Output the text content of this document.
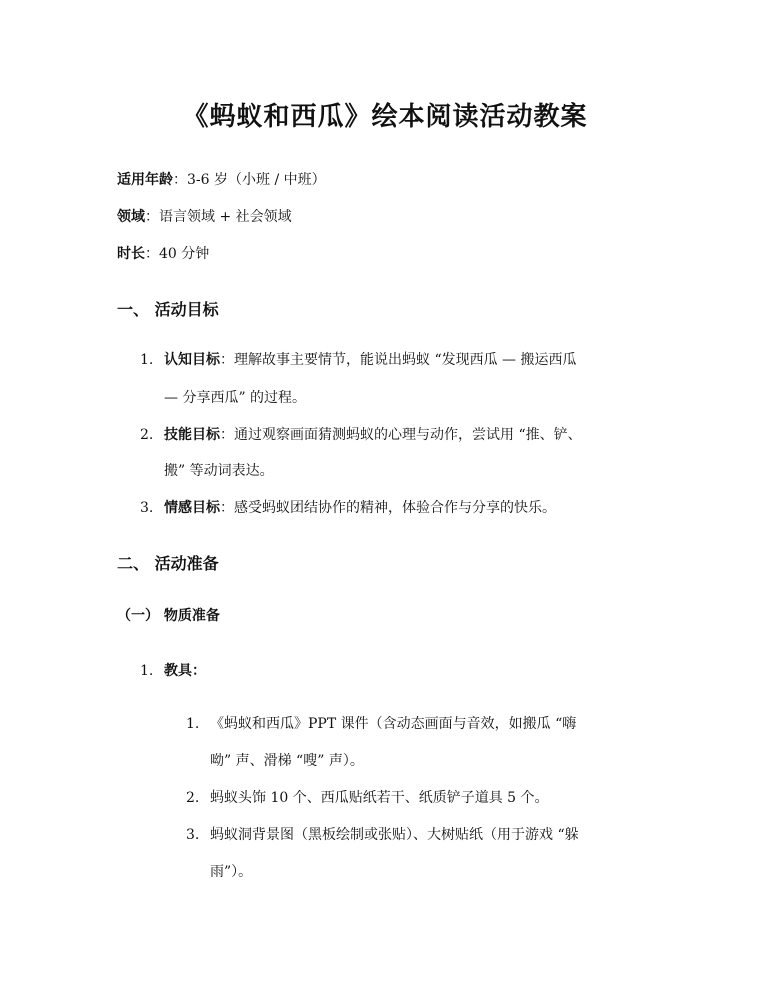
《蚂蚁和西瓜》绘本阅读活动教案
适用年龄：3-6 岁（小班 / 中班）
领域：语言领域 + 社会领域
时长：40 分钟
一、 活动目标
1. 认知目标：理解故事主要情节，能说出蚂蚁 “发现西瓜 — 搬运西瓜
— 分享西瓜” 的过程。
2. 技能目标：通过观察画面猜测蚂蚁的心理与动作，尝试用 “推、铲、
搬” 等动词表达。
3. 情感目标：感受蚂蚁团结协作的精神，体验合作与分享的快乐。
二、 活动准备
（一） 物质准备
1. 教具：
1. 《蚂蚁和西瓜》PPT 课件（含动态画面与音效，如搬瓜 “嗨
呦” 声、滑梯 “嗖” 声）。
2. 蚂蚁头饰 10 个、西瓜贴纸若干、纸质铲子道具 5 个。
3. 蚂蚁洞背景图（黑板绘制或张贴）、大树贴纸（用于游戏 “躲
雨”）。
